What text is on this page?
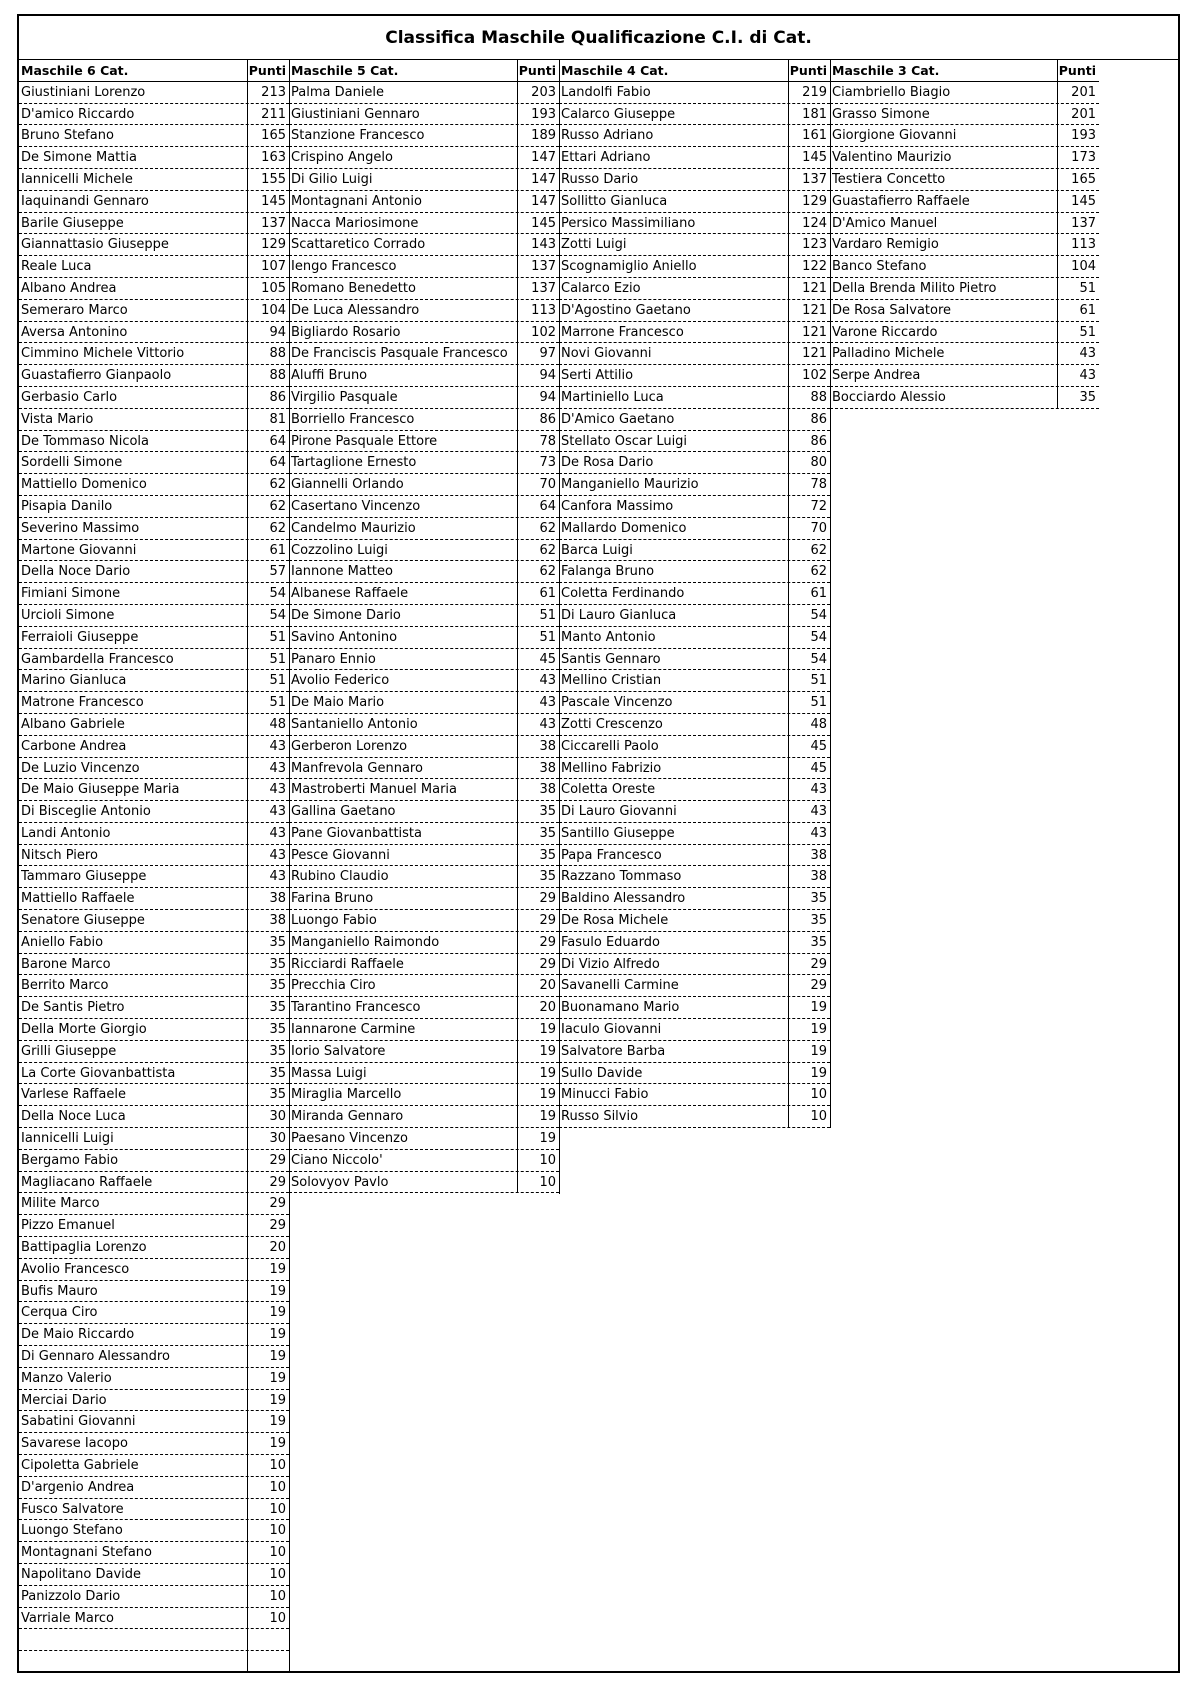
Classifica Maschile Qualificazione C.I. di Cat.
Maschile 6 Cat.	Punti
Giustiniani Lorenzo	213
D'amico Riccardo	211
Bruno Stefano	165
De Simone Mattia	163
Iannicelli Michele	155
Iaquinandi Gennaro	145
Barile Giuseppe	137
Giannattasio Giuseppe	129
Reale Luca	107
Albano Andrea	105
Semeraro Marco	104
Aversa Antonino	94
Cimmino Michele Vittorio	88
Guastafierro Gianpaolo	88
Gerbasio Carlo	86
Vista Mario	81
De Tommaso Nicola	64
Sordelli Simone	64
Mattiello Domenico	62
Pisapia Danilo	62
Severino Massimo	62
Martone Giovanni	61
Della Noce Dario	57
Fimiani Simone	54
Urcioli Simone	54
Ferraioli Giuseppe	51
Gambardella Francesco	51
Marino Gianluca	51
Matrone Francesco	51
Albano Gabriele	48
Carbone Andrea	43
De Luzio Vincenzo	43
De Maio Giuseppe Maria	43
Di Bisceglie Antonio	43
Landi Antonio	43
Nitsch Piero	43
Tammaro Giuseppe	43
Mattiello Raffaele	38
Senatore Giuseppe	38
Aniello Fabio	35
Barone Marco	35
Berrito Marco	35
De Santis Pietro	35
Della Morte Giorgio	35
Grilli Giuseppe	35
La Corte Giovanbattista	35
Varlese Raffaele	35
Della Noce Luca	30
Iannicelli Luigi	30
Bergamo Fabio	29
Magliacano Raffaele	29
Milite Marco	29
Pizzo Emanuel	29
Battipaglia Lorenzo	20
Avolio Francesco	19
Bufis Mauro	19
Cerqua Ciro	19
De Maio Riccardo	19
Di Gennaro Alessandro	19
Manzo Valerio	19
Merciai Dario	19
Sabatini Giovanni	19
Savarese Iacopo	19
Cipoletta Gabriele	10
D'argenio Andrea	10
Fusco Salvatore	10
Luongo Stefano	10
Montagnani Stefano	10
Napolitano Davide	10
Panizzolo Dario	10
Varriale Marco	10
Maschile 5 Cat.	Punti
Palma Daniele	203
Giustiniani Gennaro	193
Stanzione Francesco	189
Crispino Angelo	147
Di Gilio Luigi	147
Montagnani Antonio	147
Nacca Mariosimone	145
Scattaretico Corrado	143
Iengo Francesco	137
Romano Benedetto	137
De Luca Alessandro	113
Bigliardo Rosario	102
De Franciscis Pasquale Francesco	97
Aluffi Bruno	94
Virgilio Pasquale	94
Borriello Francesco	86
Pirone Pasquale Ettore	78
Tartaglione Ernesto	73
Giannelli Orlando	70
Casertano Vincenzo	64
Candelmo Maurizio	62
Cozzolino Luigi	62
Iannone Matteo	62
Albanese Raffaele	61
De Simone Dario	51
Savino Antonino	51
Panaro Ennio	45
Avolio Federico	43
De Maio Mario	43
Santaniello Antonio	43
Gerberon Lorenzo	38
Manfrevola Gennaro	38
Mastroberti Manuel Maria	38
Gallina Gaetano	35
Pane Giovanbattista	35
Pesce Giovanni	35
Rubino Claudio	35
Farina Bruno	29
Luongo Fabio	29
Manganiello Raimondo	29
Ricciardi Raffaele	29
Precchia Ciro	20
Tarantino Francesco	20
Iannarone Carmine	19
Iorio Salvatore	19
Massa Luigi	19
Miraglia Marcello	19
Miranda Gennaro	19
Paesano Vincenzo	19
Ciano Niccolo'	10
Solovyov Pavlo	10
Maschile 4 Cat.	Punti
Landolfi Fabio	219
Calarco Giuseppe	181
Russo Adriano	161
Ettari Adriano	145
Russo Dario	137
Sollitto Gianluca	129
Persico Massimiliano	124
Zotti Luigi	123
Scognamiglio Aniello	122
Calarco Ezio	121
D'Agostino Gaetano	121
Marrone Francesco	121
Novi Giovanni	121
Serti Attilio	102
Martiniello Luca	88
D'Amico Gaetano	86
Stellato Oscar Luigi	86
De Rosa Dario	80
Manganiello Maurizio	78
Canfora Massimo	72
Mallardo Domenico	70
Barca Luigi	62
Falanga Bruno	62
Coletta Ferdinando	61
Di Lauro Gianluca	54
Manto Antonio	54
Santis Gennaro	54
Mellino Cristian	51
Pascale Vincenzo	51
Zotti Crescenzo	48
Ciccarelli Paolo	45
Mellino Fabrizio	45
Coletta Oreste	43
Di Lauro Giovanni	43
Santillo Giuseppe	43
Papa Francesco	38
Razzano Tommaso	38
Baldino Alessandro	35
De Rosa Michele	35
Fasulo Eduardo	35
Di Vizio Alfredo	29
Savanelli Carmine	29
Buonamano Mario	19
Iaculo Giovanni	19
Salvatore Barba	19
Sullo Davide	19
Minucci Fabio	10
Russo Silvio	10
Maschile 3 Cat.	Punti
Ciambriello Biagio	201
Grasso Simone	201
Giorgione Giovanni	193
Valentino Maurizio	173
Testiera Concetto	165
Guastafierro Raffaele	145
D'Amico Manuel	137
Vardaro Remigio	113
Banco Stefano	104
Della Brenda Milito Pietro	51
De Rosa Salvatore	61
Varone Riccardo	51
Palladino Michele	43
Serpe Andrea	43
Bocciardo Alessio	35
